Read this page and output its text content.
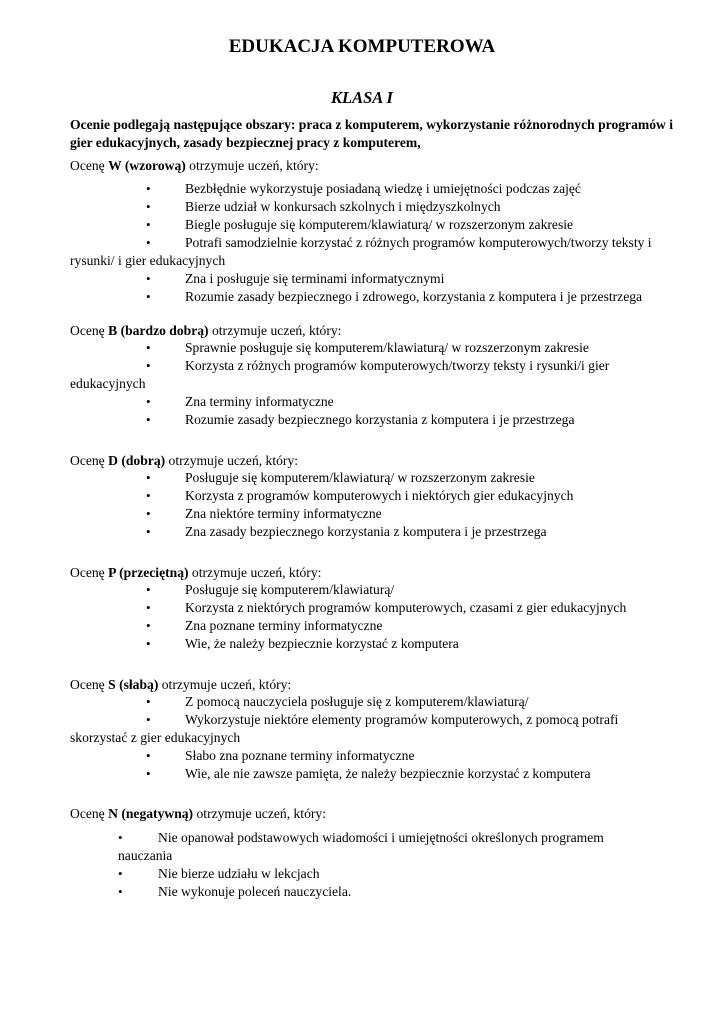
EDUKACJA KOMPUTEROWA
KLASA I

Ocenie podlegają następujące obszary: praca z komputerem, wykorzystanie różnorodnych programów i gier edukacyjnych, zasady bezpiecznej pracy z komputerem,

Ocenę W (wzorową) otrzymuje uczeń, który:

•	Bezbłędnie wykorzystuje posiadaną wiedzę i umiejętności podczas zajęć
•	Bierze udział w konkursach szkolnych i międzyszkolnych
•	Biegle posługuje się komputerem/klawiaturą/ w rozszerzonym zakresie
•	Potrafi samodzielnie korzystać z różnych programów komputerowych/tworzy teksty i rysunki/ i gier edukacyjnych
•	Zna i posługuje się terminami informatycznymi
•	Rozumie zasady bezpiecznego i zdrowego, korzystania z komputera i je przestrzega

Ocenę B (bardzo dobrą) otrzymuje uczeń, który:

•	Sprawnie posługuje się komputerem/klawiaturą/ w rozszerzonym zakresie
•	Korzysta z różnych programów komputerowych/tworzy teksty i rysunki/i gier edukacyjnych
•	Zna terminy informatyczne
•	Rozumie zasady bezpiecznego korzystania z komputera i je przestrzega

Ocenę D (dobrą) otrzymuje uczeń, który:

•	Posługuje się komputerem/klawiaturą/ w rozszerzonym zakresie
•	Korzysta z programów komputerowych i niektórych gier edukacyjnych
•	Zna niektóre terminy informatyczne
•	Zna zasady bezpiecznego korzystania z komputera i je przestrzega

Ocenę P (przeciętną) otrzymuje uczeń, który:

•	Posługuje się komputerem/klawiaturą/
•	Korzysta z niektórych programów komputerowych, czasami z gier edukacyjnych
•	Zna poznane terminy informatyczne
•	Wie, że należy bezpiecznie korzystać z komputera

Ocenę S (słabą) otrzymuje uczeń, który:

•	Z pomocą nauczyciela posługuje się z komputerem/klawiaturą/
•	Wykorzystuje niektóre elementy programów komputerowych, z pomocą potrafi skorzystać z gier edukacyjnych
•	Słabo zna poznane terminy informatyczne
•	Wie, ale nie zawsze pamięta, że należy bezpiecznie korzystać z komputera

Ocenę N (negatywną) otrzymuje uczeń, który:

•	Nie opanował podstawowych wiadomości i umiejętności określonych programem nauczania
•	Nie bierze udziału w lekcjach
•	Nie wykonuje poleceń nauczyciela.
